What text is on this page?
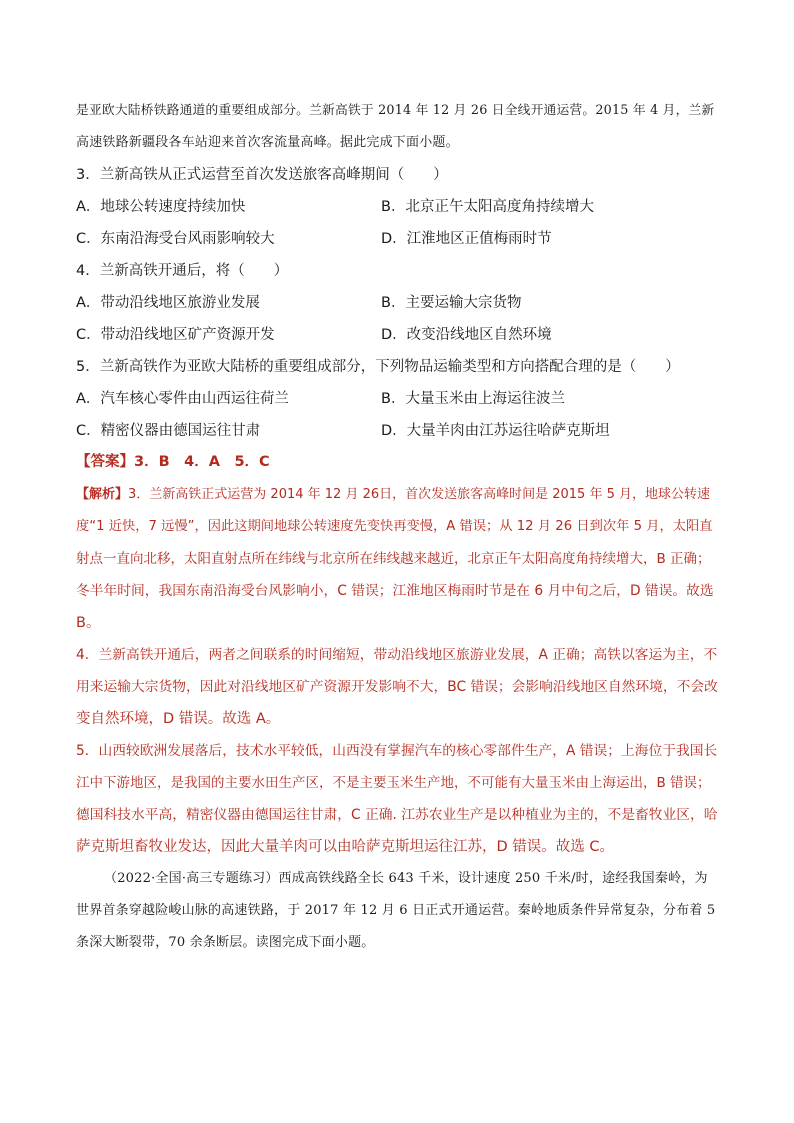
是亚欧大陆桥铁路通道的重要组成部分。兰新高铁于 2014 年 12 月 26 日全线开通运营。2015 年 4 月，兰新
高速铁路新疆段各车站迎来首次客流量高峰。据此完成下面小题。
3．兰新高铁从正式运营至首次发送旅客高峰期间（　　）
A．地球公转速度持续加快	B．北京正午太阳高度角持续增大
C．东南沿海受台风雨影响较大	D．江淮地区正值梅雨时节
4．兰新高铁开通后，将（　　）
A．带动沿线地区旅游业发展	B．主要运输大宗货物
C．带动沿线地区矿产资源开发	D．改变沿线地区自然环境
5．兰新高铁作为亚欧大陆桥的重要组成部分，下列物品运输类型和方向搭配合理的是（　　）
A．汽车核心零件由山西运往荷兰	B．大量玉米由上海运往波兰
C．精密仪器由德国运往甘肃	D．大量羊肉由江苏运往哈萨克斯坦
【答案】3．B　4．A　5．C
【解析】3．兰新高铁正式运营为 2014 年 12 月 26日，首次发送旅客高峰时间是 2015 年 5 月，地球公转速
度“1 近快，7 远慢”，因此这期间地球公转速度先变快再变慢，A 错误；从 12 月 26 日到次年 5 月，太阳直
射点一直向北移，太阳直射点所在纬线与北京所在纬线越来越近，北京正午太阳高度角持续增大，B 正确；
冬半年时间，我国东南沿海受台风影响小，C 错误；江淮地区梅雨时节是在 6 月中旬之后，D 错误。故选
B。
4．兰新高铁开通后，两者之间联系的时间缩短，带动沿线地区旅游业发展，A 正确；高铁以客运为主，不
用来运输大宗货物，因此对沿线地区矿产资源开发影响不大，BC 错误；会影响沿线地区自然环境，不会改
变自然环境，D 错误。故选 A。
5．山西较欧洲发展落后，技术水平较低，山西没有掌握汽车的核心零部件生产，A 错误；上海位于我国长
江中下游地区，是我国的主要水田生产区，不是主要玉米生产地，不可能有大量玉米由上海运出，B 错误；
德国科技水平高，精密仪器由德国运往甘肃，C 正确. 江苏农业生产是以种植业为主的，不是畜牧业区，哈
萨克斯坦畜牧业发达，因此大量羊肉可以由哈萨克斯坦运往江苏，D 错误。故选 C。
（2022·全国·高三专题练习）西成高铁线路全长 643 千米，设计速度 250 千米/时，途经我国秦岭，为
世界首条穿越险峻山脉的高速铁路，于 2017 年 12 月 6 日正式开通运营。秦岭地质条件异常复杂，分布着 5
条深大断裂带，70 余条断层。读图完成下面小题。
